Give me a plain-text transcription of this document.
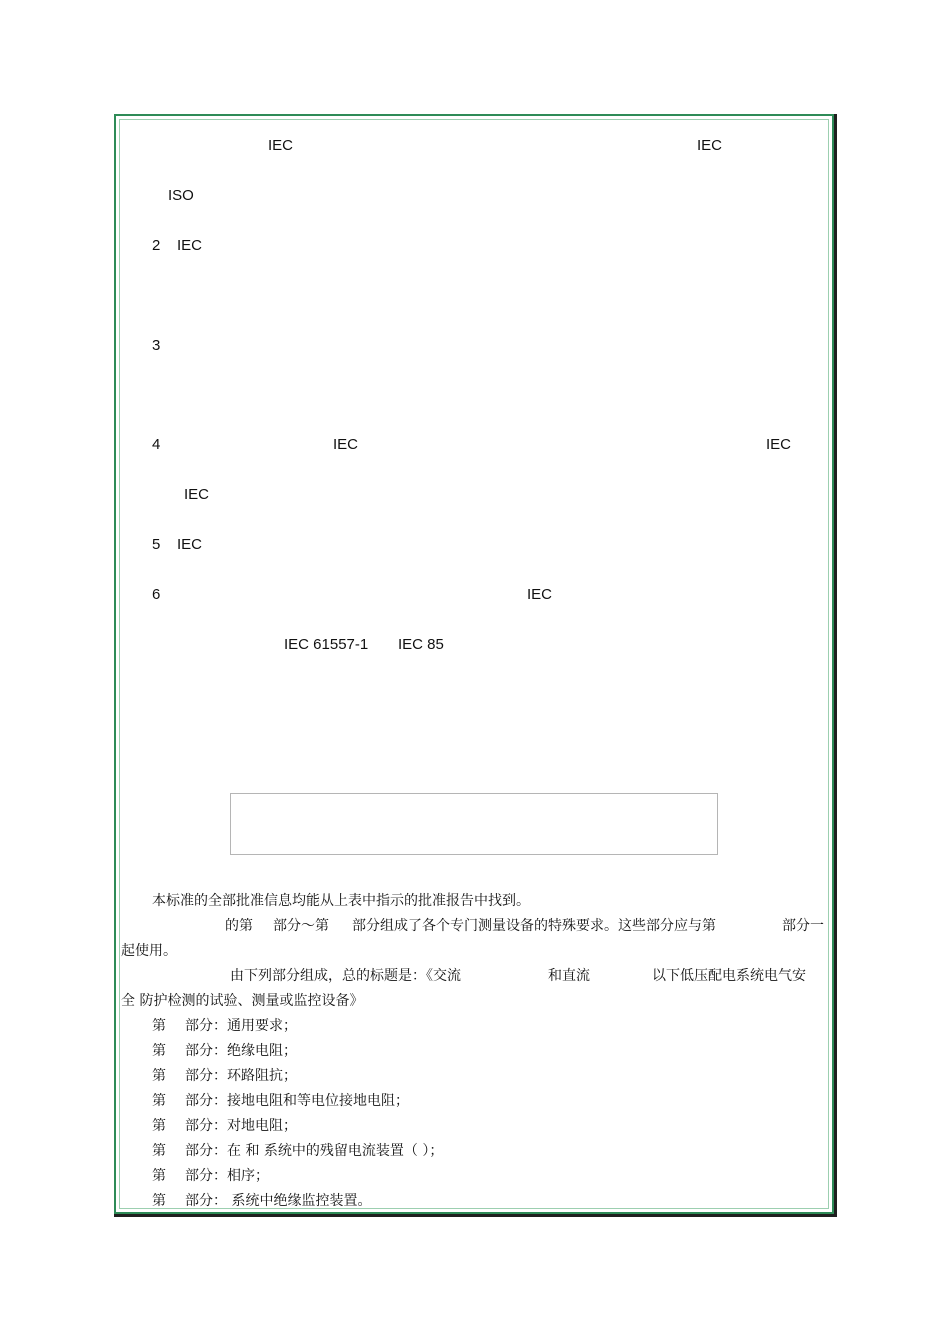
IEC	IEC
ISO
2 IEC
3
4	IEC	IEC
IEC
5 IEC
6	IEC
IEC 61557-1 IEC 85
本标准的全部批准信息均能从上表中指示的批准报告中找到。
的第 部分～第 部分组成了各个专门测量设备的特殊要求。这些部分应与第	部分一
起使用。
由下列部分组成，总的标题是：《交流	和直流	以下低压配电系统电气安
全 防护检测的试验、测量或监控设备》
第 部分：通用要求；
第 部分：绝缘电阻；
第 部分：环路阻抗；
第 部分：接地电阻和等电位接地电阻；
第 部分：对地电阻；
第 部分：在 和 系统中的残留电流装置（ ）；
第 部分：相序；
第 部分： 系统中绝缘监控装置。
